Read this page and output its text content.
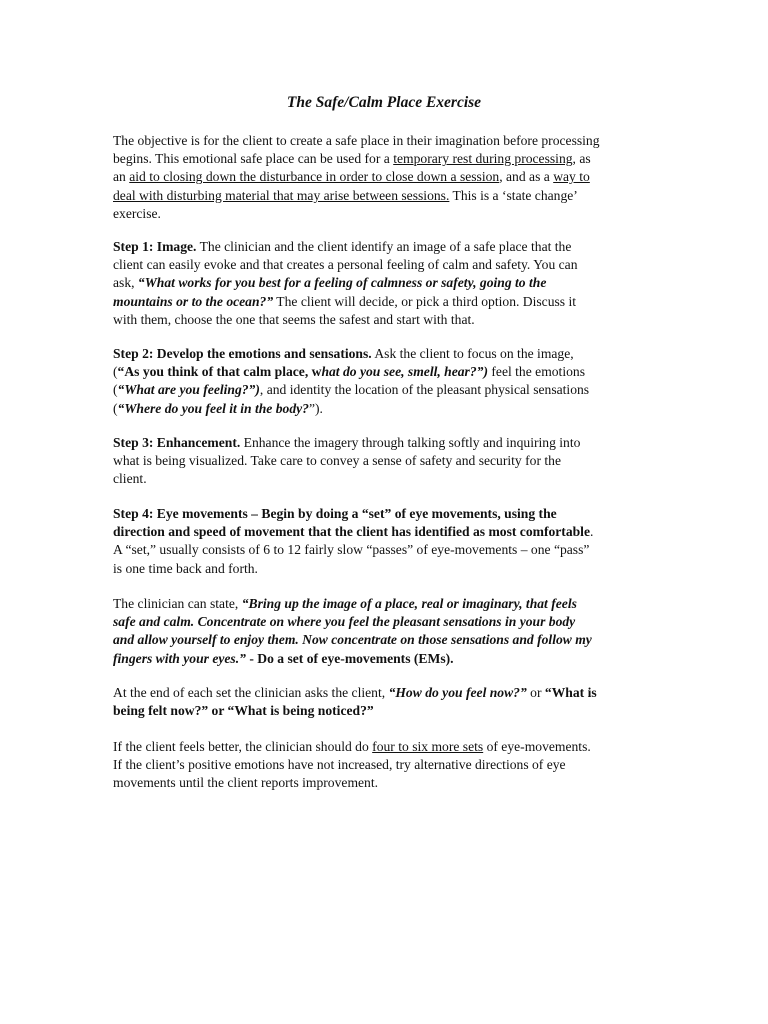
The Safe/Calm Place Exercise

The objective is for the client to create a safe place in their imagination before processing
begins. This emotional safe place can be used for a temporary rest during processing, as
an aid to closing down the disturbance in order to close down a session, and as a way to
deal with disturbing material that may arise between sessions. This is a ‘state change’
exercise.

Step 1: Image. The clinician and the client identify an image of a safe place that the
client can easily evoke and that creates a personal feeling of calm and safety. You can
ask, “What works for you best for a feeling of calmness or safety, going to the
mountains or to the ocean?” The client will decide, or pick a third option. Discuss it
with them, choose the one that seems the safest and start with that.

Step 2: Develop the emotions and sensations. Ask the client to focus on the image,
(“As you think of that calm place, what do you see, smell, hear?”) feel the emotions
(“What are you feeling?”), and identity the location of the pleasant physical sensations
(“Where do you feel it in the body?”).

Step 3: Enhancement. Enhance the imagery through talking softly and inquiring into
what is being visualized. Take care to convey a sense of safety and security for the
client.

Step 4: Eye movements – Begin by doing a “set” of eye movements, using the
direction and speed of movement that the client has identified as most comfortable.
A “set,” usually consists of 6 to 12 fairly slow “passes” of eye-movements – one “pass”
is one time back and forth.

The clinician can state, “Bring up the image of a place, real or imaginary, that feels
safe and calm. Concentrate on where you feel the pleasant sensations in your body
and allow yourself to enjoy them. Now concentrate on those sensations and follow my
fingers with your eyes.” - Do a set of eye-movements (EMs).

At the end of each set the clinician asks the client, “How do you feel now?” or “What is
being felt now?” or “What is being noticed?”

If the client feels better, the clinician should do four to six more sets of eye-movements.
If the client’s positive emotions have not increased, try alternative directions of eye
movements until the client reports improvement.
